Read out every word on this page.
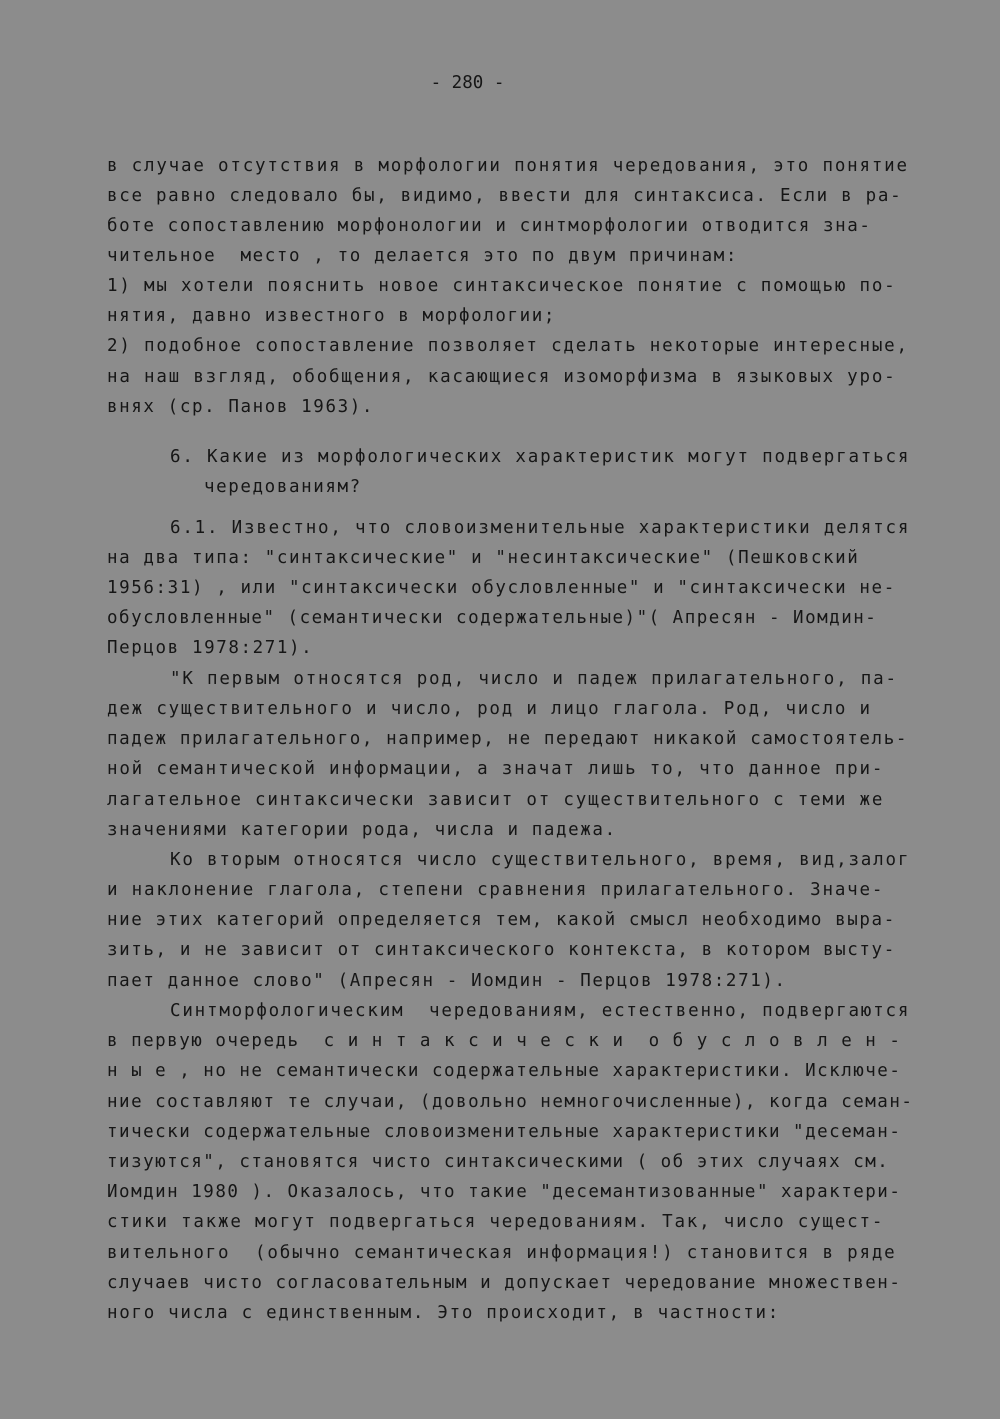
- 280 -
в случае отсутствия в морфологии понятия чередования, это понятие
все равно следовало бы, видимо, ввести для синтаксиса. Если в ра-
боте сопоставлению морфонологии и синтморфологии отводится зна-
чительное  место , то делается это по двум причинам:
1) мы хотели пояснить новое синтаксическое понятие с помощью по-
нятия, давно известного в морфологии;
2) подобное сопоставление позволяет сделать некоторые интересные,
на наш взгляд, обобщения, касающиеся изоморфизма в языковых уро-
внях (ср. Панов 1963).
6. Какие из морфологических характеристик могут подвергаться
чередованиям?
6.1. Известно, что словоизменительные характеристики делятся
на два типа: "синтаксические" и "несинтаксические" (Пешковский
1956:31) , или "синтаксически обусловленные" и "синтаксически не-
обусловленные" (семантически содержательные)"( Апресян - Иомдин-
Перцов 1978:271).
"К первым относятся род, число и падеж прилагательного, па-
деж существительного и число, род и лицо глагола. Род, число и
падеж прилагательного, например, не передают никакой самостоятель-
ной семантической информации, а значат лишь то, что данное при-
лагательное синтаксически зависит от существительного с теми же
значениями категории рода, числа и падежа.
Ко вторым относятся число существительного, время, вид,залог
и наклонение глагола, степени сравнения прилагательного. Значе-
ние этих категорий определяется тем, какой смысл необходимо выра-
зить, и не зависит от синтаксического контекста, в котором высту-
пает данное слово" (Апресян - Иомдин - Перцов 1978:271).
Синтморфологическим  чередованиям, естественно, подвергаются
в первую очередь  с и н т а к с и ч е с к и  о б у с л о в л е н -
н ы е , но не семантически содержательные характеристики. Исключе-
ние составляют те случаи, (довольно немногочисленные), когда семан-
тически содержательные словоизменительные характеристики "десеман-
тизуются", становятся чисто синтаксическими ( об этих случаях см.
Иомдин 1980 ). Оказалось, что такие "десемантизованные" характери-
стики также могут подвергаться чередованиям. Так, число сущест-
вительного  (обычно семантическая информация!) становится в ряде
случаев чисто согласовательным и допускает чередование множествен-
ного числа с единственным. Это происходит, в частности:
